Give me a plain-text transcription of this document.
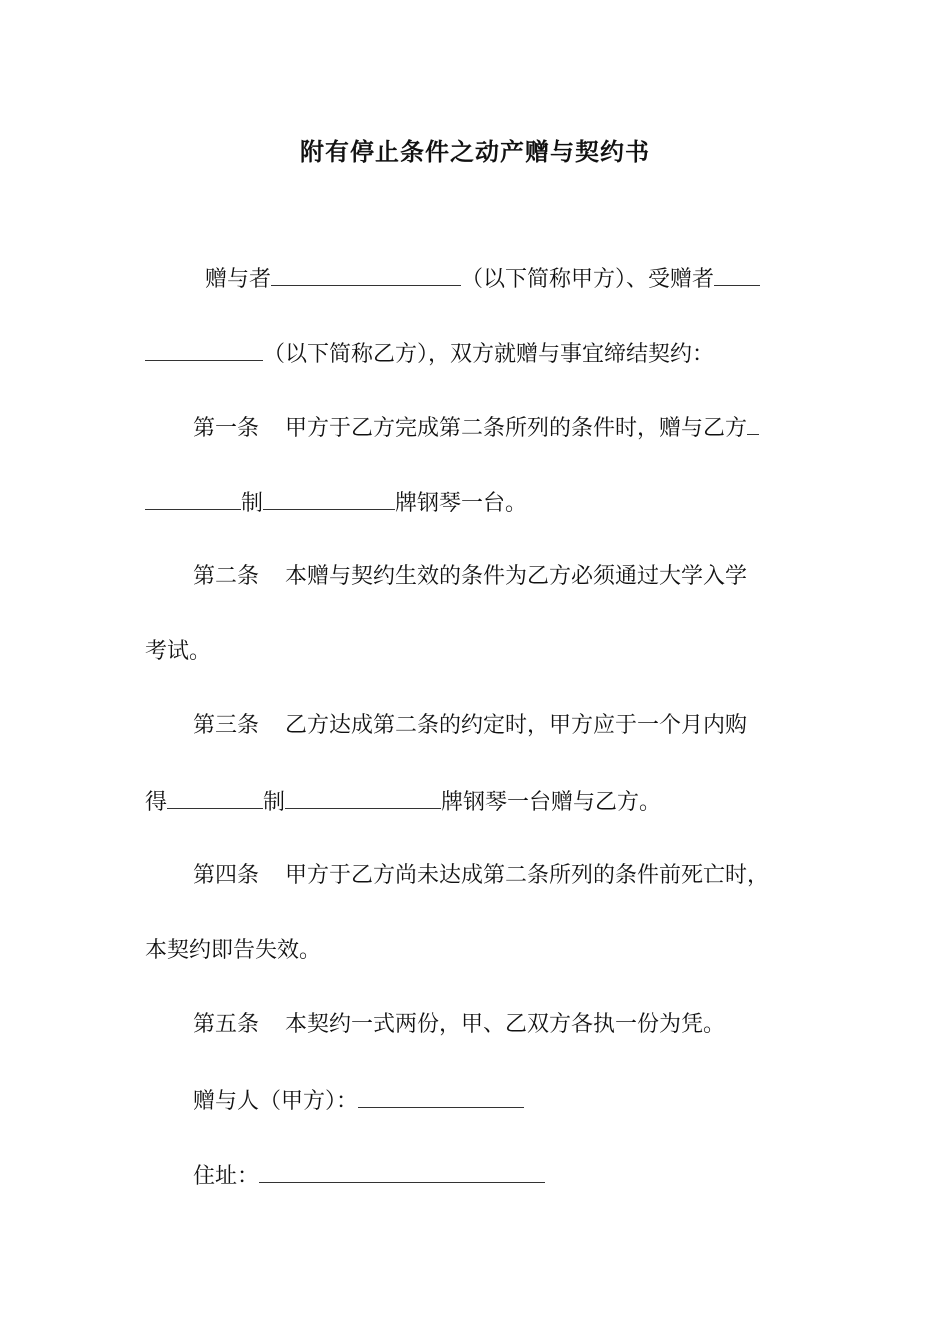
附有停止条件之动产赠与契约书
赠与者	（以下简称甲方）、受赠者
（以下简称乙方），双方就赠与事宜缔结契约：
第一条 甲方于乙方完成第二条所列的条件时，赠与乙方
制	牌钢琴一台。
第二条 本赠与契约生效的条件为乙方必须通过大学入学
考试。
第三条 乙方达成第二条的约定时，甲方应于一个月内购
得	制	牌钢琴一台赠与乙方。
第四条 甲方于乙方尚未达成第二条所列的条件前死亡时，
本契约即告失效。
第五条 本契约一式两份，甲、乙双方各执一份为凭。
赠与人（甲方）：
住址：
